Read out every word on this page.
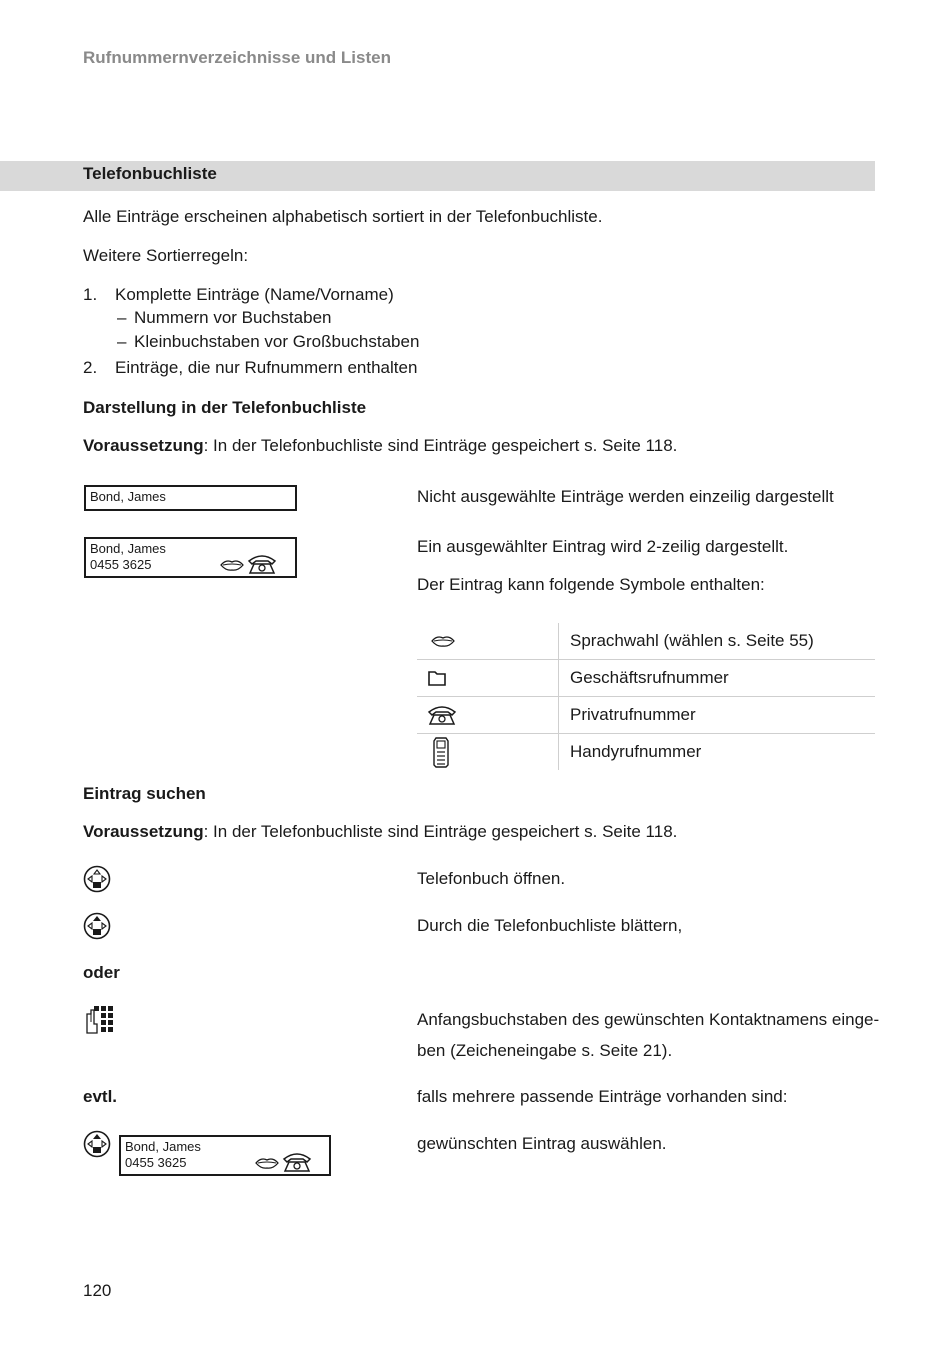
Rufnummernverzeichnisse und Listen
Telefonbuchliste
Alle Einträge erscheinen alphabetisch sortiert in der Telefonbuchliste.
Weitere Sortierregeln:
1. Komplette Einträge (Name/Vorname)
– Nummern vor Buchstaben
– Kleinbuchstaben vor Großbuchstaben
2. Einträge, die nur Rufnummern enthalten
Darstellung in der Telefonbuchliste
Voraussetzung: In der Telefonbuchliste sind Einträge gespeichert s. Seite 118.
Bond, James	Nicht ausgewählte Einträge werden einzeilig dargestellt
Bond, James
0455 3625
Ein ausgewählter Eintrag wird 2-zeilig dargestellt.
Der Eintrag kann folgende Symbole enthalten:
	Sprachwahl (wählen s. Seite 55)

	Geschäftsrufnummer

	Privatrufnummer

	Handyrufnummer
Eintrag suchen
Voraussetzung: In der Telefonbuchliste sind Einträge gespeichert s. Seite 118.
Telefonbuch öffnen.
Durch die Telefonbuchliste blättern,
oder
Anfangsbuchstaben des gewünschten Kontaktnamens einge-
ben (Zeicheneingabe s. Seite 21).
evtl.	falls mehrere passende Einträge vorhanden sind:
Bond, James
0455 3625
gewünschten Eintrag auswählen.
120
